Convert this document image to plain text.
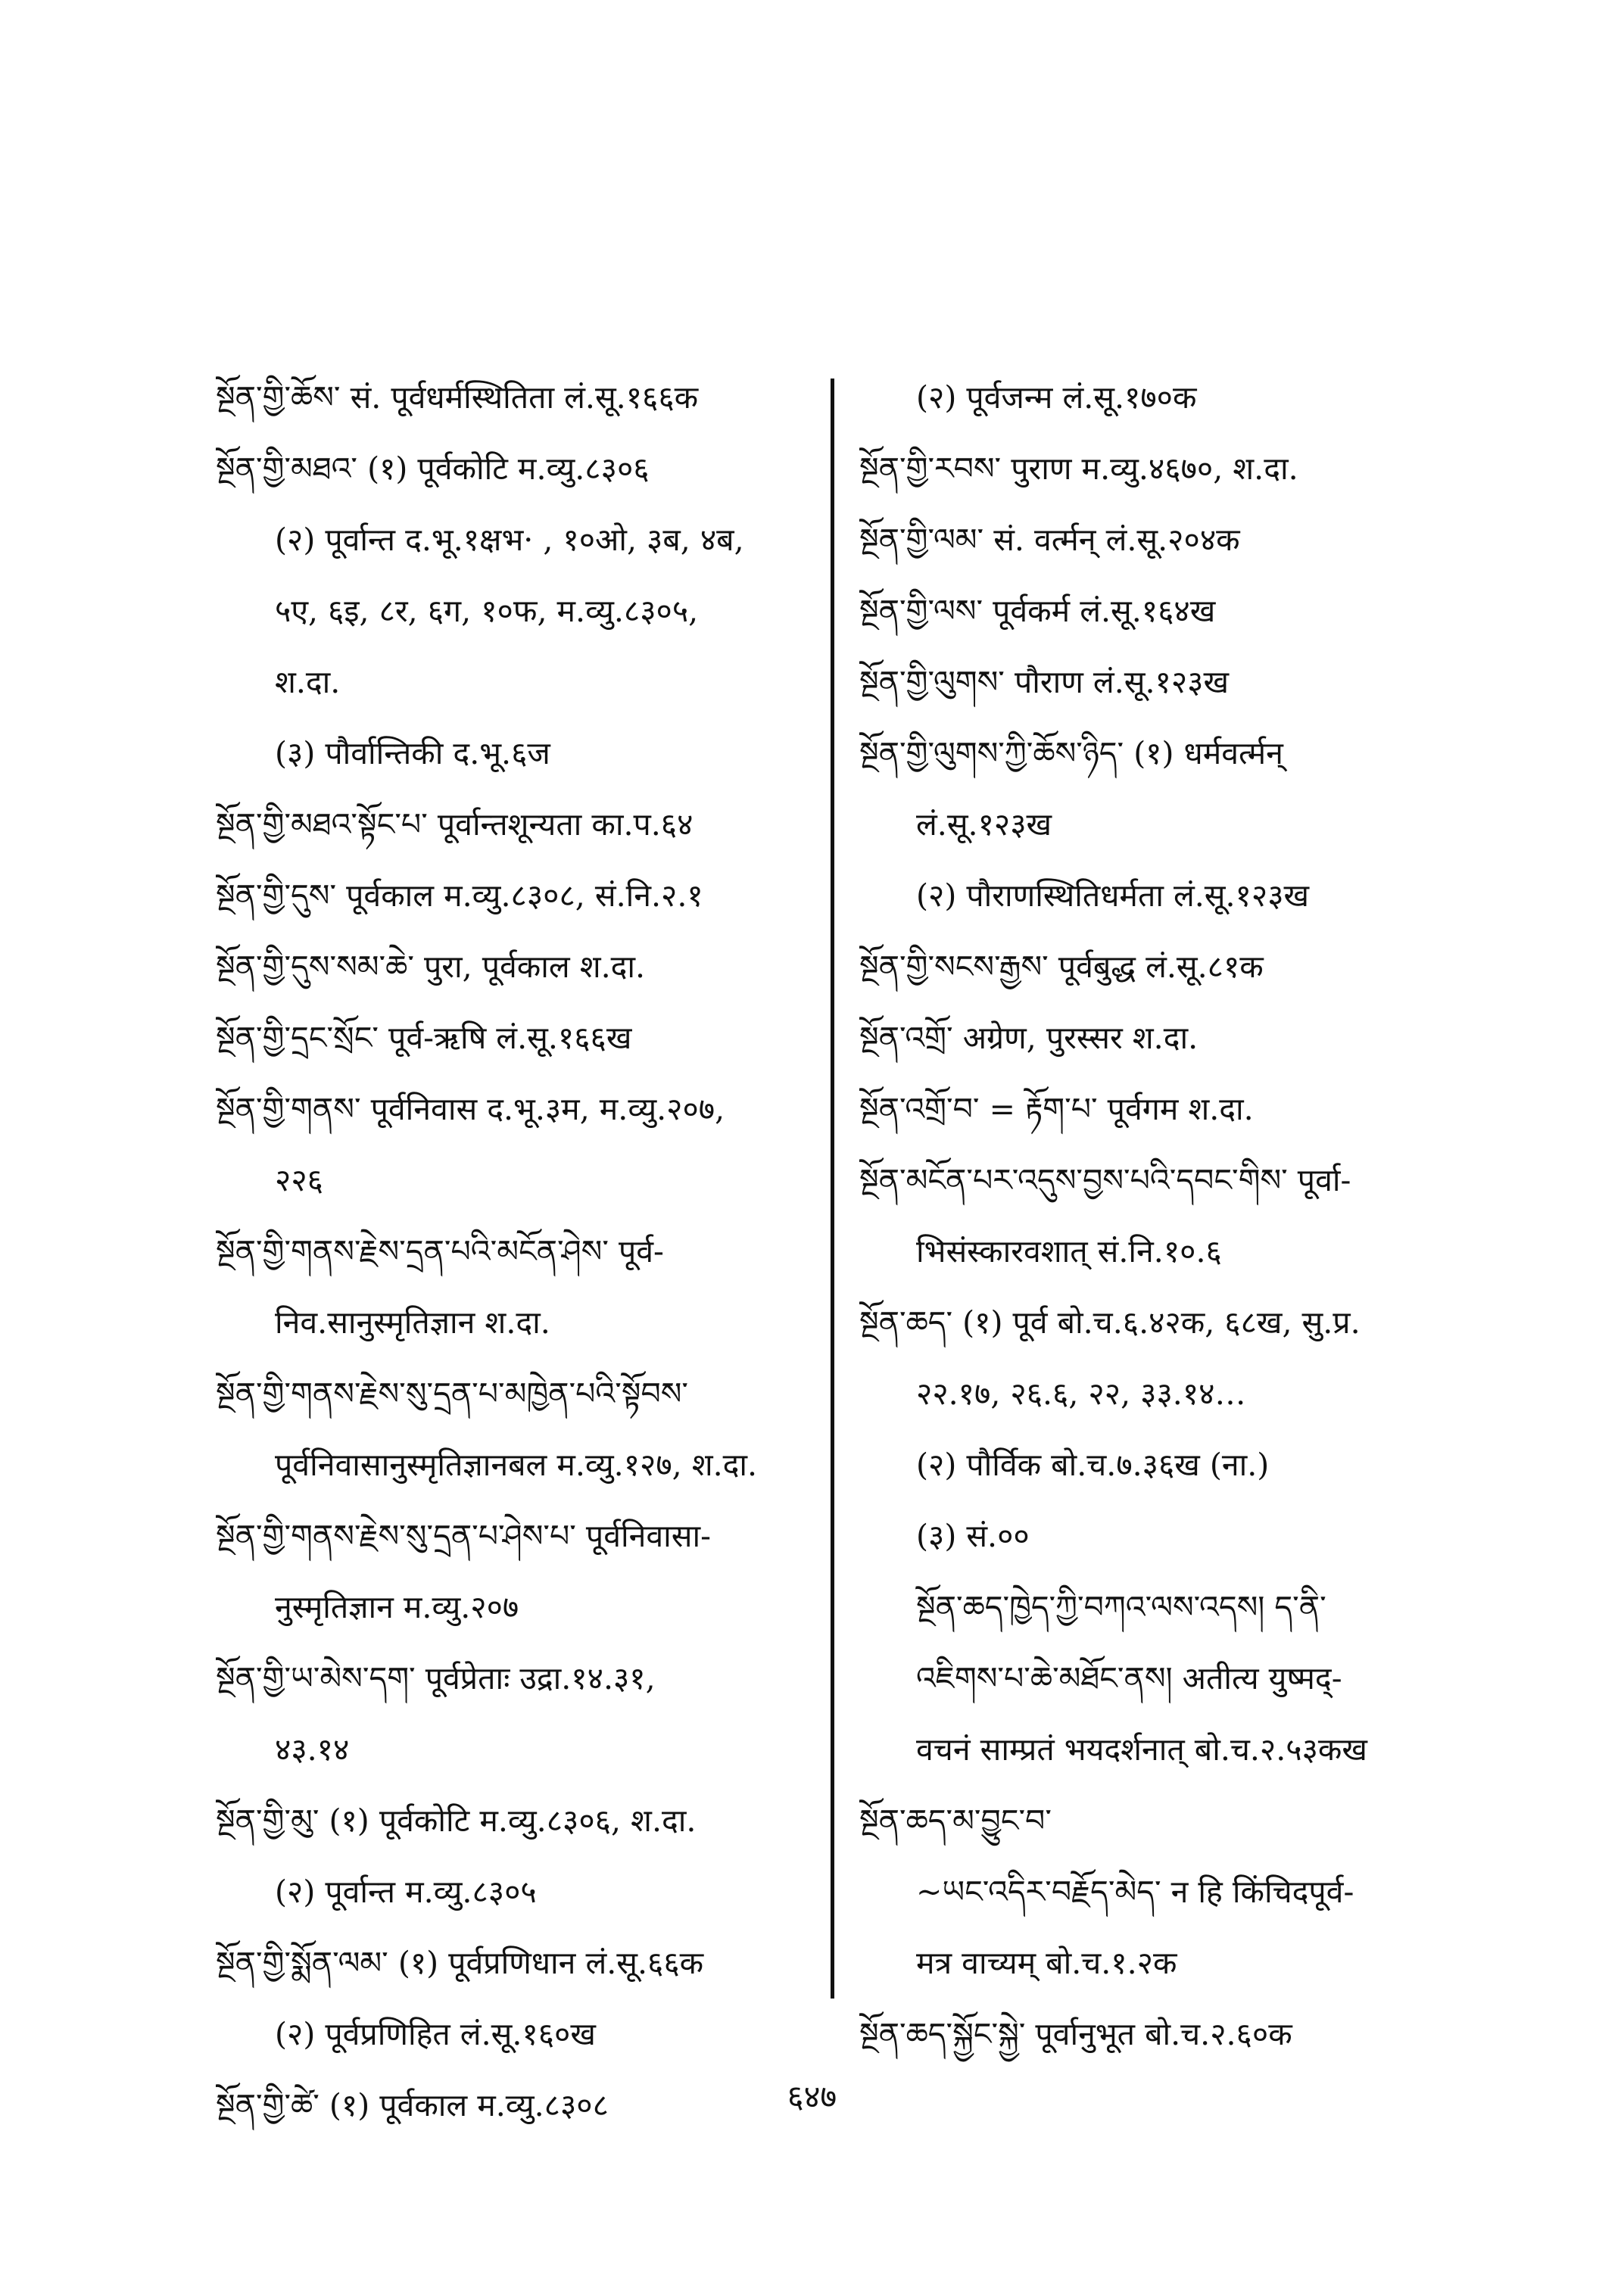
སྔོན་གྱི་ཆོས་ सं. पूर्वधर्मस्थितिता लं.सू.१६६क
སྔོན་གྱི་མཐའ་ (१) पूर्वकोटि म.व्यु.८३०६
(२) पूर्वान्त द.भू.१क्षभ· , १०ओ, ३ब, ४ब,
५ए, ६इ, ८र, ६ग, १०फ, म.व्यु.८३०५,
श.दा.
(३) पौर्वान्तिकी द.भू.६ज
སྔོན་གྱི་མཐའ་སྟོང་པ་ पूर्वान्तशून्यता का.प.६४
སྔོན་གྱི་དུས་ पूर्वकाल म.व्यु.८३०८, सं.नि.२.१
སྔོན་གྱི་དུས་སམ་ཆེ་ पुरा, पूर्वकाल श.दा.
སྔོན་གྱི་དྲང་སྲོང་ पूर्व-ऋषि लं.सू.१६६ख
སྔོན་གྱི་གནས་ पूर्वनिवास द.भू.३म, म.व्यु.२०७,
२२६
སྔོན་གྱི་གནས་རྗེས་དྲན་པའི་མངོན་ཤེས་ पूर्व-
निव.सानुस्मृतिज्ञान श.दा.
སྔོན་གྱི་གནས་རྗེས་སུ་དྲན་པ་མཁྱེན་པའི་སྟོབས་
पूर्वनिवासानुस्मृतिज्ञानबल म.व्यु.१२७, श.दा.
སྔོན་གྱི་གནས་རྗེས་སུ་དྲན་པ་ཤེས་པ་ पूर्वनिवासा-
नुस्मृतिज्ञान म.व्यु.२०७
སྔོན་གྱི་ཡ་མེས་དག་ पूर्वप्रेताः उद्रा.१४.३१,
४३.१४
སྔོན་གྱི་མུ་ (१) पूर्वकोटि म.व्यु.८३०६, श.दा.
(२) पूर्वान्त म.व्यु.८३०५
སྔོན་གྱི་སྨོན་ལམ་ (१) पूर्वप्रणिधान लं.सू.६६क
(२) पूर्वप्रणिहित लं.सू.१६०ख
སྔོན་གྱི་ཚེ་ (१) पूर्वकाल म.व्यु.८३०८
(२) पूर्वजन्म लं.सू.१७०क
སྔོན་གྱི་རབས་ पुराण म.व्यु.४६७०, श.दा.
སྔོན་གྱི་ལམ་ सं. वर्त्मन् लं.सू.२०४क
སྔོན་གྱི་ལས་ पूर्वकर्म लं.सू.१६४ख
སྔོན་གྱི་ལུགས་ पौराण लं.सू.१२३ख
སྔོན་གྱི་ལུགས་ཀྱི་ཆོས་ཉིད་ (१) धर्मवर्त्मन्
लं.सू.१२३ख
(२) पौराणस्थितिधर्मता लं.सू.१२३ख
སྔོན་གྱི་སངས་རྒྱས་ पूर्वबुद्ध लं.सू.८१क
སྔོན་འགྲོ་ अग्रेण, पुरस्सर श.दा.
སྔོན་འགྲོ་བ་ = རྟོག་པ་ पूर्वगम श.दा.
སྔོན་མངོན་པར་འདུས་བྱས་པའི་དབང་གིས་ पूर्वा-
भिसंस्कारवशात् सं.नि.१०.६
སྔོན་ཆད་ (१) पूर्व बो.च.६.४२क, ६८ख, सु.प्र.
२२.१७, २६.६, २२, ३३.१४…
(२) पौर्विक बो.च.७.३६ख (ना.)
(३) सं.००
སྔོན་ཆད་ཁྱེད་ཀྱི་བཀའ་ལས་འདས། ད་ནི་
འཇིགས་པ་ཆེ་མཐོང་ནས། अतीत्य युष्मद्-
वचनं साम्प्रतं भयदर्शनात् बो.च.२.५३कख
སྔོན་ཆད་མ་བྱུང་བ་
~ཡང་འདིར་བརྗོད་མེད་ न हि किंचिदपूर्व-
मत्र वाच्यम् बो.च.१.२क
སྔོན་ཆད་སྐྱོང་སྐྱེ་ पूर्वानुभूत बो.च.२.६०क
६४७
